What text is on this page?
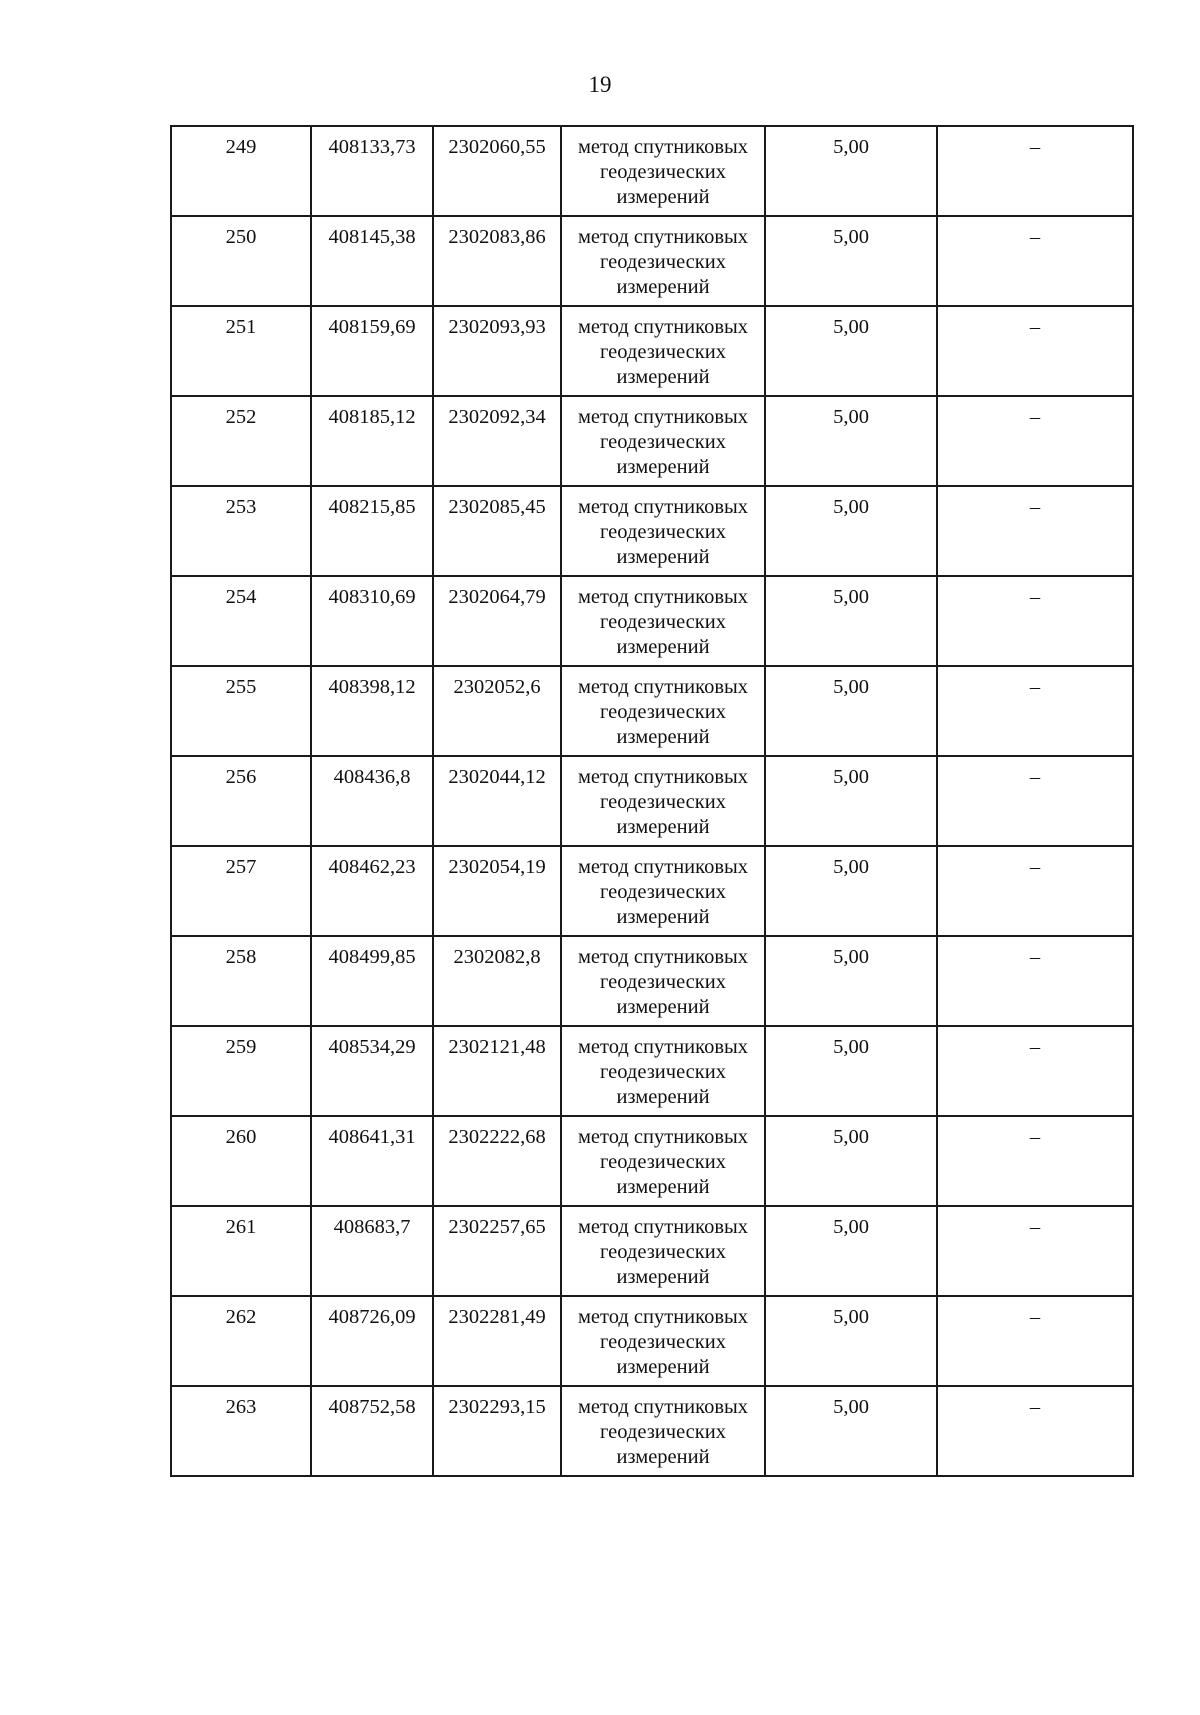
19
249	408133,73	2302060,55	метод спутниковых геодезических измерений	5,00	–
250	408145,38	2302083,86	метод спутниковых геодезических измерений	5,00	–
251	408159,69	2302093,93	метод спутниковых геодезических измерений	5,00	–
252	408185,12	2302092,34	метод спутниковых геодезических измерений	5,00	–
253	408215,85	2302085,45	метод спутниковых геодезических измерений	5,00	–
254	408310,69	2302064,79	метод спутниковых геодезических измерений	5,00	–
255	408398,12	2302052,6	метод спутниковых геодезических измерений	5,00	–
256	408436,8	2302044,12	метод спутниковых геодезических измерений	5,00	–
257	408462,23	2302054,19	метод спутниковых геодезических измерений	5,00	–
258	408499,85	2302082,8	метод спутниковых геодезических измерений	5,00	–
259	408534,29	2302121,48	метод спутниковых геодезических измерений	5,00	–
260	408641,31	2302222,68	метод спутниковых геодезических измерений	5,00	–
261	408683,7	2302257,65	метод спутниковых геодезических измерений	5,00	–
262	408726,09	2302281,49	метод спутниковых геодезических измерений	5,00	–
263	408752,58	2302293,15	метод спутниковых геодезических измерений	5,00	–
